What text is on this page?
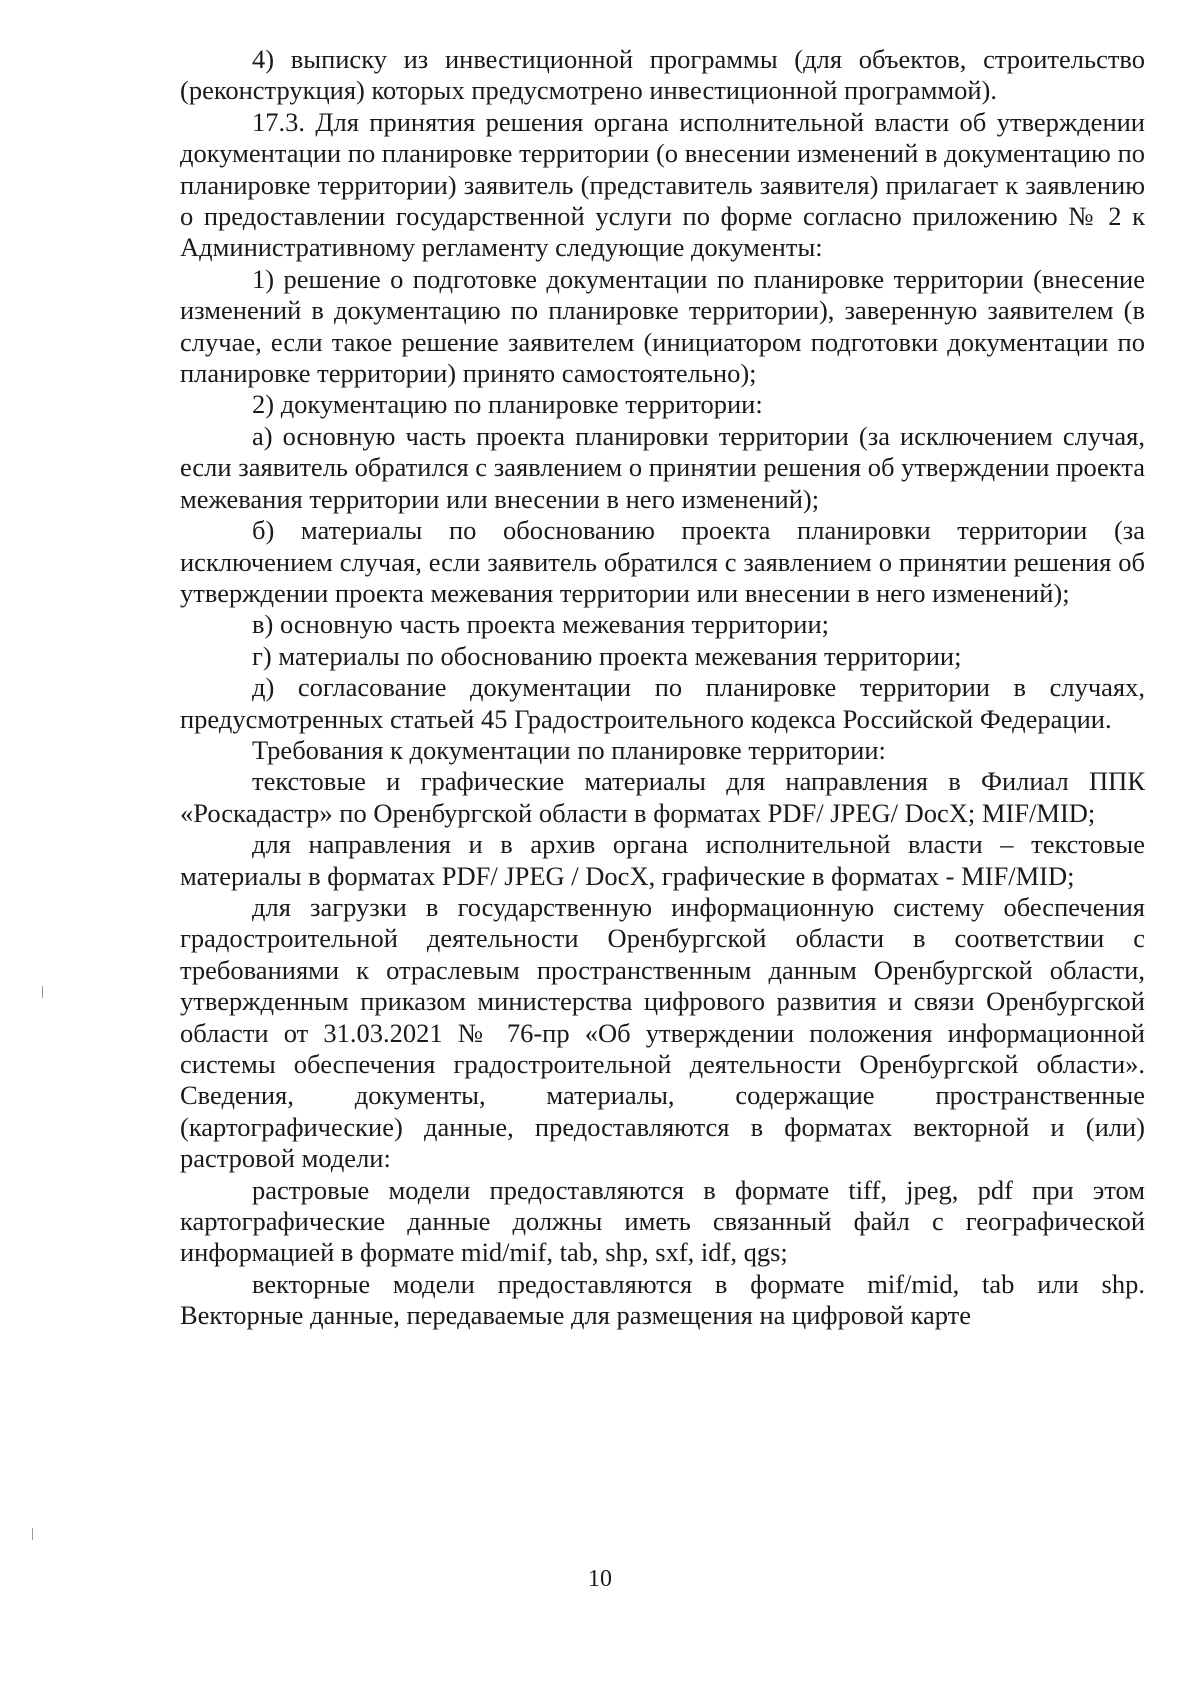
4) выписку из инвестиционной программы (для объектов, строительство (реконструкция) которых предусмотрено инвестиционной программой).

17.3. Для принятия решения органа исполнительной власти об утверждении документации по планировке территории (о внесении изменений в документацию по планировке территории) заявитель (представитель заявителя) прилагает к заявлению о предоставлении государственной услуги по форме согласно приложению № 2 к Административному регламенту следующие документы:

1) решение о подготовке документации по планировке территории (внесение изменений в документацию по планировке территории), заверенную заявителем (в случае, если такое решение заявителем (инициатором подготовки документации по планировке территории) принято самостоятельно);

2) документацию по планировке территории:

а) основную часть проекта планировки территории (за исключением случая, если заявитель обратился с заявлением о принятии решения об утверждении проекта межевания территории или внесении в него изменений);

б) материалы по обоснованию проекта планировки территории (за исключением случая, если заявитель обратился с заявлением о принятии решения об утверждении проекта межевания территории или внесении в него изменений);

в) основную часть проекта межевания территории;

г) материалы по обоснованию проекта межевания территории;

д) согласование документации по планировке территории в случаях, предусмотренных статьей 45 Градостроительного кодекса Российской Федерации.

Требования к документации по планировке территории:

текстовые и графические материалы для направления в Филиал ППК «Роскадастр» по Оренбургской области в форматах PDF/ JPEG/ DocX; MIF/MID;

для направления и в архив органа исполнительной власти – текстовые материалы в форматах PDF/ JPEG / DocX, графические в форматах - MIF/MID;

для загрузки в государственную информационную систему обеспечения градостроительной деятельности Оренбургской области в соответствии с требованиями к отраслевым пространственным данным Оренбургской области, утвержденным приказом министерства цифрового развития и связи Оренбургской области от 31.03.2021 № 76-пр «Об утверждении положения информационной системы обеспечения градостроительной деятельности Оренбургской области». Сведения, документы, материалы, содержащие пространственные (картографические) данные, предоставляются в форматах векторной и (или) растровой модели:

растровые модели предоставляются в формате tiff, jpeg, pdf при этом картографические данные должны иметь связанный файл с географической информацией в формате mid/mif, tab, shp, sxf, idf, qgs;

векторные модели предоставляются в формате mif/mid, tab или shp. Векторные данные, передаваемые для размещения на цифровой карте

10
